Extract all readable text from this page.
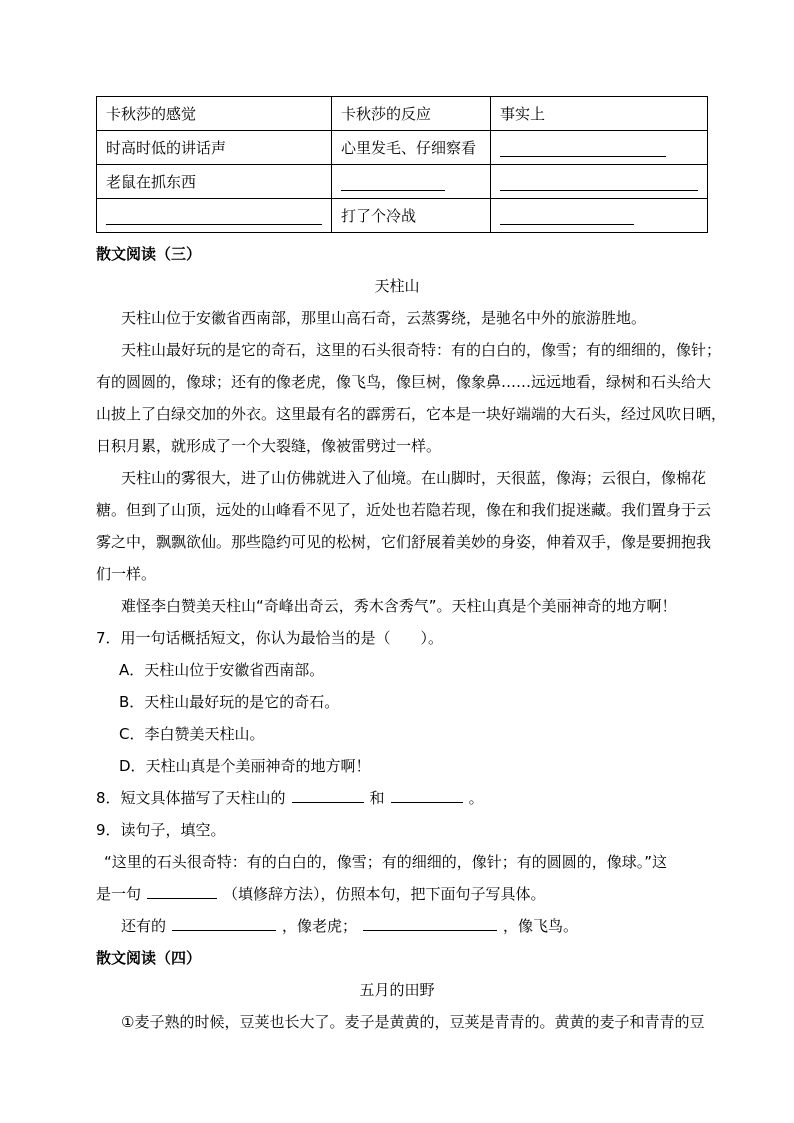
卡秋莎的感觉	卡秋莎的反应	事实上
时高时低的讲话声	心里发毛、仔细察看	
老鼠在抓东西		
	打了个冷战	
散文阅读（三）
天柱山
天柱山位于安徽省西南部，那里山高石奇，云蒸雾绕，是驰名中外的旅游胜地。
天柱山最好玩的是它的奇石，这里的石头很奇特：有的白白的，像雪；有的细细的，像针；
有的圆圆的，像球；还有的像老虎，像飞鸟，像巨树，像象鼻……远远地看，绿树和石头给大
山披上了白绿交加的外衣。这里最有名的霹雳石，它本是一块好端端的大石头，经过风吹日晒，
日积月累，就形成了一个大裂缝，像被雷劈过一样。
天柱山的雾很大，进了山仿佛就进入了仙境。在山脚时，天很蓝，像海；云很白，像棉花
糖。但到了山顶，远处的山峰看不见了，近处也若隐若现，像在和我们捉迷藏。我们置身于云
雾之中，飘飘欲仙。那些隐约可见的松树，它们舒展着美妙的身姿，伸着双手，像是要拥抱我
们一样。
难怪李白赞美天柱山“奇峰出奇云，秀木含秀气”。天柱山真是个美丽神奇的地方啊！
7．用一句话概括短文，你认为最恰当的是（　　）。
A．天柱山位于安徽省西南部。
B．天柱山最好玩的是它的奇石。
C．李白赞美天柱山。
D．天柱山真是个美丽神奇的地方啊！
8．短文具体描写了天柱山的	和	。
9．读句子，填空。
“这里的石头很奇特：有的白白的，像雪；有的细细的，像针；有的圆圆的，像球。”这
是一句	（填修辞方法），仿照本句，把下面句子写具体。
还有的	，像老虎；	，像飞鸟。
散文阅读（四）
五月的田野
①麦子熟的时候，豆荚也长大了。麦子是黄黄的，豆荚是青青的。黄黄的麦子和青青的豆
